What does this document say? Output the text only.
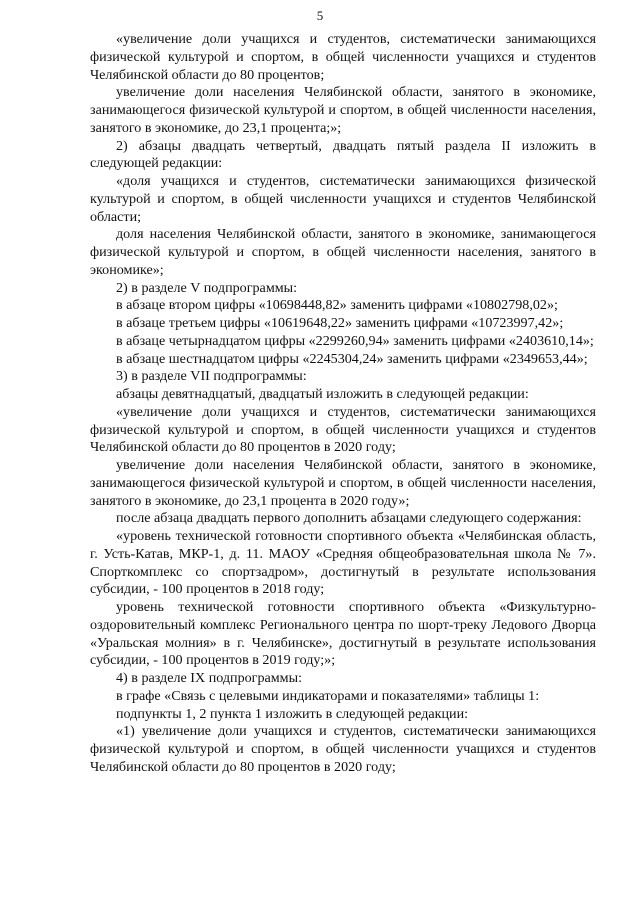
5

«увеличение доли учащихся и студентов, систематически занимающихся физической культурой и спортом, в общей численности учащихся и студентов Челябинской области до 80 процентов;

увеличение доли населения Челябинской области, занятого в экономике, занимающегося физической культурой и спортом, в общей численности населения, занятого в экономике, до 23,1 процента;»;

2) абзацы двадцать четвертый, двадцать пятый раздела II изложить в следующей редакции:

«доля учащихся и студентов, систематически занимающихся физической культурой и спортом, в общей численности учащихся и студентов Челябинской области;

доля населения Челябинской области, занятого в экономике, занимающегося физической культурой и спортом, в общей численности населения, занятого в экономике»;

2) в разделе V подпрограммы:

в абзаце втором цифры «10698448,82» заменить цифрами «10802798,02»;

в абзаце третьем цифры «10619648,22» заменить цифрами «10723997,42»;

в абзаце четырнадцатом цифры «2299260,94» заменить цифрами «2403610,14»;

в абзаце шестнадцатом цифры «2245304,24» заменить цифрами «2349653,44»;

3) в разделе VII подпрограммы:

абзацы девятнадцатый, двадцатый изложить в следующей редакции:

«увеличение доли учащихся и студентов, систематически занимающихся физической культурой и спортом, в общей численности учащихся и студентов Челябинской области до 80 процентов в 2020 году;

увеличение доли населения Челябинской области, занятого в экономике, занимающегося физической культурой и спортом, в общей численности населения, занятого в экономике, до 23,1 процента в 2020 году»;

после абзаца двадцать первого дополнить абзацами следующего содержания:

«уровень технической готовности спортивного объекта «Челябинская область, г. Усть-Катав, МКР-1, д. 11. МАОУ «Средняя общеобразовательная школа № 7». Спорткомплекс со спортзадром», достигнутый в результате использования субсидии, - 100 процентов в 2018 году;

уровень технической готовности спортивного объекта «Физкультурно-оздоровительный комплекс Регионального центра по шорт-треку Ледового Дворца «Уральская молния» в г. Челябинске», достигнутый в результате использования субсидии, - 100 процентов в 2019 году;»;

4) в разделе IX подпрограммы:

в графе «Связь с целевыми индикаторами и показателями» таблицы 1:

подпункты 1, 2 пункта 1 изложить в следующей редакции:

«1) увеличение доли учащихся и студентов, систематически занимающихся физической культурой и спортом, в общей численности учащихся и студентов Челябинской области до 80 процентов в 2020 году;
